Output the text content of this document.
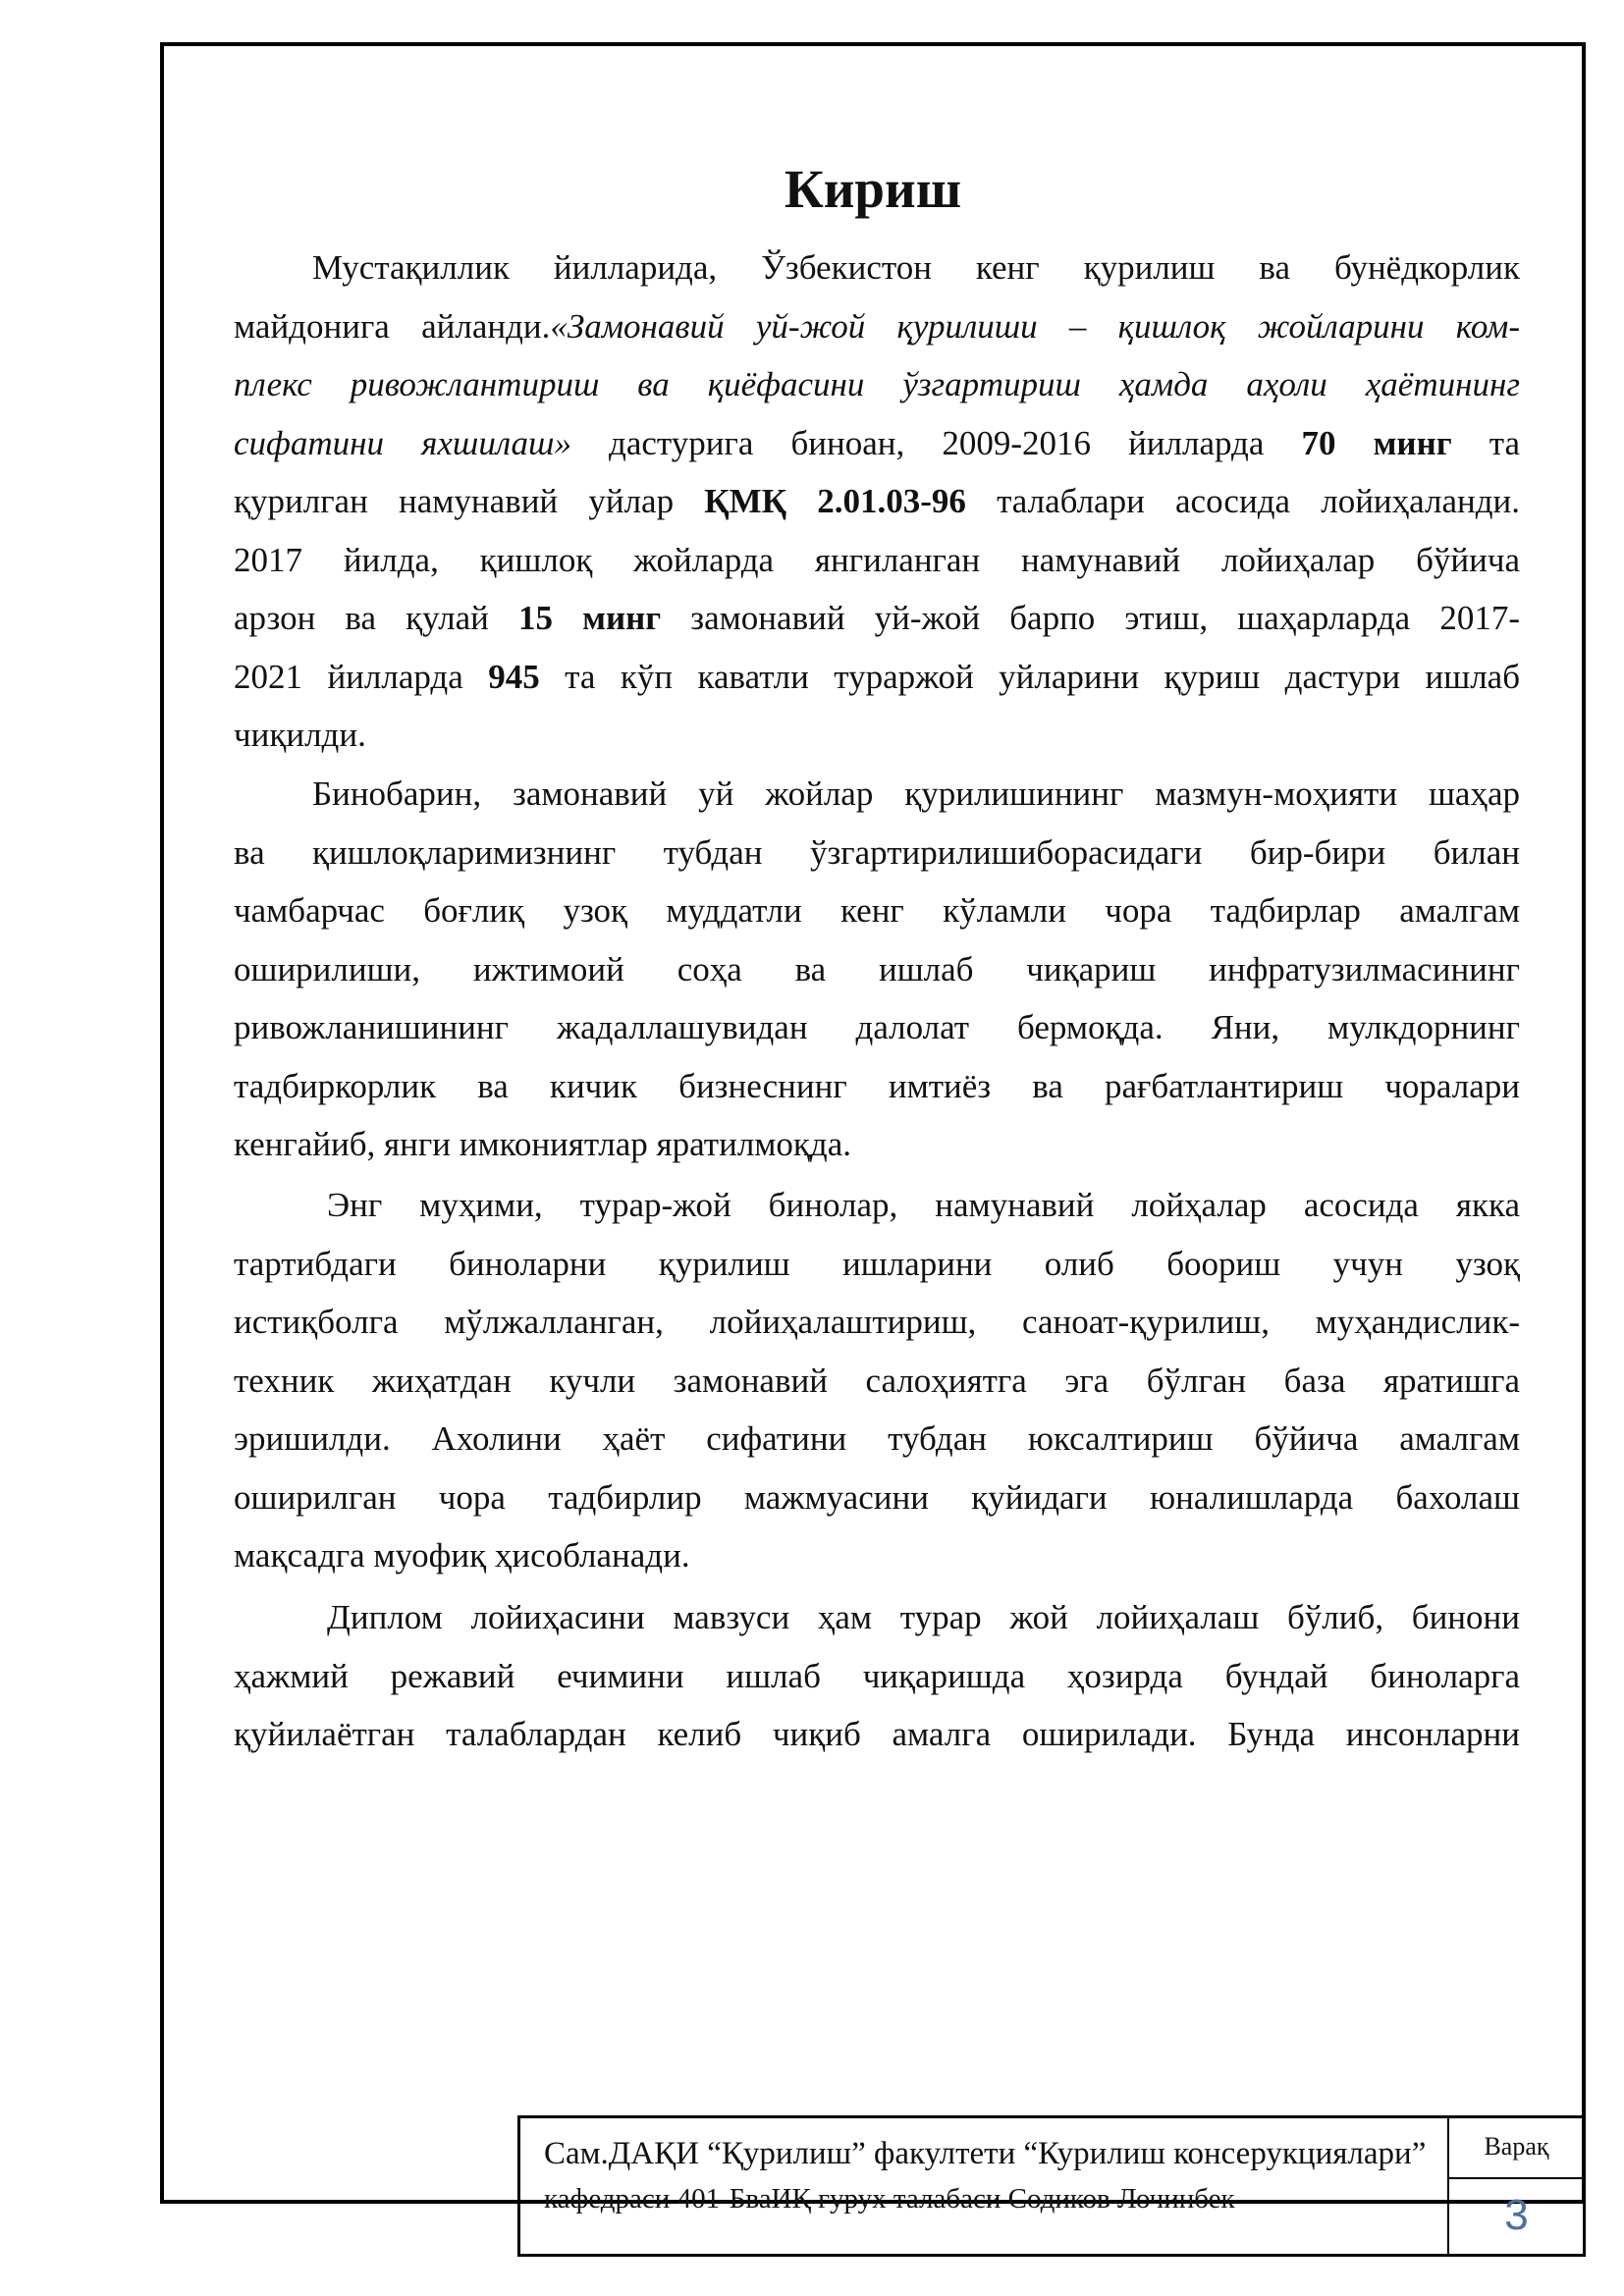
Кириш
Мустақиллик йилларида, Ўзбекистон кенг қурилиш ва бунёдкорлик
майдонига айланди.«Замонавий уй-жой қурилиши – қишлоқ жойларини ком-
плекс ривожлантириш ва қиёфасини ўзгартириш ҳамда аҳоли ҳаётининг
сифатини яхшилаш» дастурига биноан, 2009-2016 йилларда 70 минг та
қурилган намунавий уйлар ҚМҚ 2.01.03-96 талаблари асосида лойиҳаланди.
2017 йилда, қишлоқ жойларда янгиланган намунавий лойиҳалар бўйича
арзон ва қулай 15 минг замонавий уй-жой барпо этиш, шаҳарларда 2017-
2021 йилларда 945 та кўп каватли тураржой уйларини қуриш дастури ишлаб
чиқилди.
Бинобарин, замонавий уй жойлар қурилишининг мазмун-моҳияти шаҳар
ва қишлоқларимизнинг тубдан ўзгартирилишиборасидаги бир-бири билан
чамбарчас боғлиқ узоқ муддатли кенг кўламли чора тадбирлар амалгам
оширилиши, ижтимоий соҳа ва ишлаб чиқариш инфратузилмасининг
ривожланишининг жадаллашувидан далолат бермоқда. Яни, мулкдорнинг
тадбиркорлик ва кичик бизнеснинг имтиёз ва рағбатлантириш чоралари
кенгайиб, янги имкониятлар яратилмоқда.
Энг муҳими, турар-жой бинолар, намунавий лойҳалар асосида якка
тартибдаги биноларни қурилиш ишларини олиб боориш учун узоқ
истиқболга мўлжалланган, лойиҳалаштириш, саноат-қурилиш, муҳандислик-
техник жиҳатдан кучли замонавий салоҳиятга эга бўлган база яратишга
эришилди. Ахолини ҳаёт сифатини тубдан юксалтириш бўйича амалгам
оширилган чора тадбирлир мажмуасини қуйидаги юналишларда бахолаш
мақсадга муофиқ ҳисобланади.
Диплом лойиҳасини мавзуси ҳам турар жой лойиҳалаш бўлиб, бинони
ҳажмий режавий ечимини ишлаб чиқаришда ҳозирда бундай биноларга
қуйилаётган талаблардан келиб чиқиб амалга оширилади. Бунда инсонларни
Сам.ДАҚИ “Қурилиш” факултети “Курилиш консерукциялари”
кафедраси 401-БваИҚ гурух талабаси Содиков Лочинбек
Варақ
3
